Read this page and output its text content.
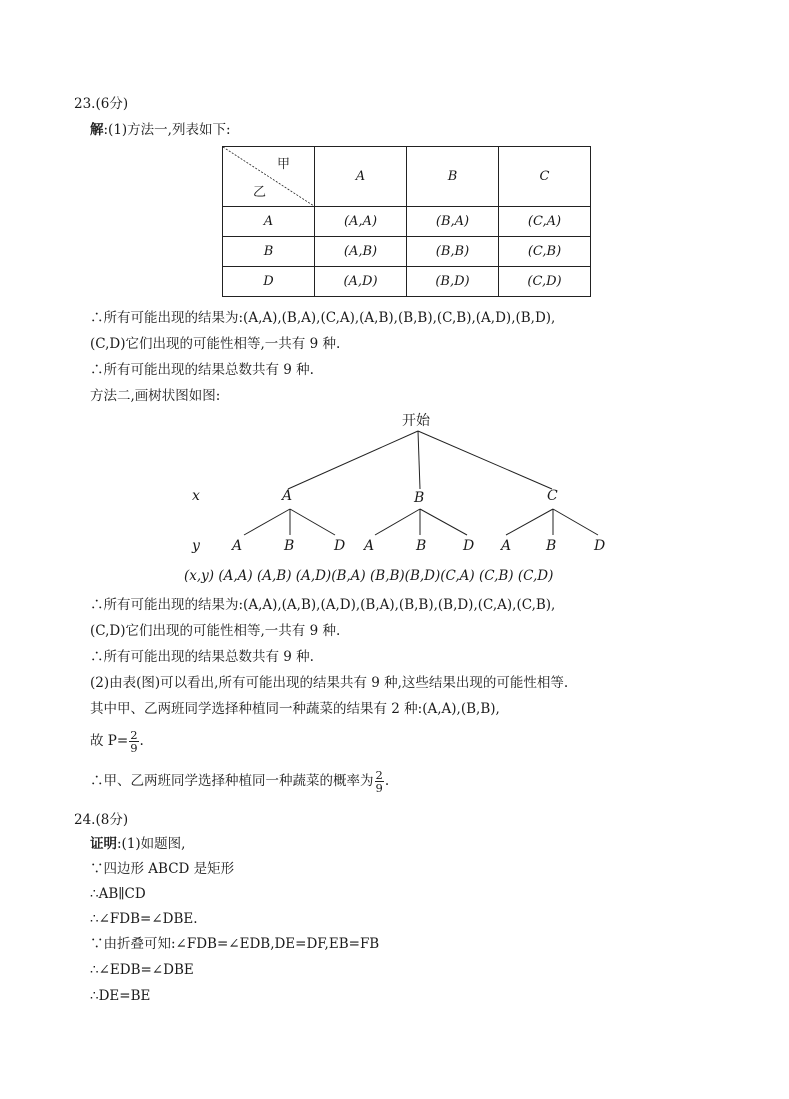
23.(6分)
解:(1)方法一,列表如下:
甲
乙	A	B	C
A	(A,A)	(B,A)	(C,A)
B	(A,B)	(B,B)	(C,B)
D	(A,D)	(B,D)	(C,D)
∴所有可能出现的结果为:(A,A),(B,A),(C,A),(A,B),(B,B),(C,B),(A,D),(B,D),
(C,D)它们出现的可能性相等,一共有 9 种.
∴所有可能出现的结果总数共有 9 种.
方法二,画树状图如图:
开始
x
y
A	B	C
A	B	D A	B	D A B	D
(x,y) (A,A) (A,B) (A,D)(B,A) (B,B)(B,D)(C,A) (C,B) (C,D)
∴所有可能出现的结果为:(A,A),(A,B),(A,D),(B,A),(B,B),(B,D),(C,A),(C,B),
(C,D)它们出现的可能性相等,一共有 9 种.
∴所有可能出现的结果总数共有 9 种.
(2)由表(图)可以看出,所有可能出现的结果共有 9 种,这些结果出现的可能性相等.
其中甲、乙两班同学选择种植同一种蔬菜的结果有 2 种:(A,A),(B,B),
故 $P= \frac{2}{9}$ .
∴甲、乙两班同学选择种植同一种蔬菜的概率为 $\frac{2}{9}$ .
24.(8分)
证明:(1)如题图,
∵四边形 ABCD 是矩形
∴AB∥CD
∴∠FDB=∠DBE.
∵由折叠可知:∠FDB=∠EDB,DE=DF,EB=FB
∴∠EDB=∠DBE
∴DE=BE
